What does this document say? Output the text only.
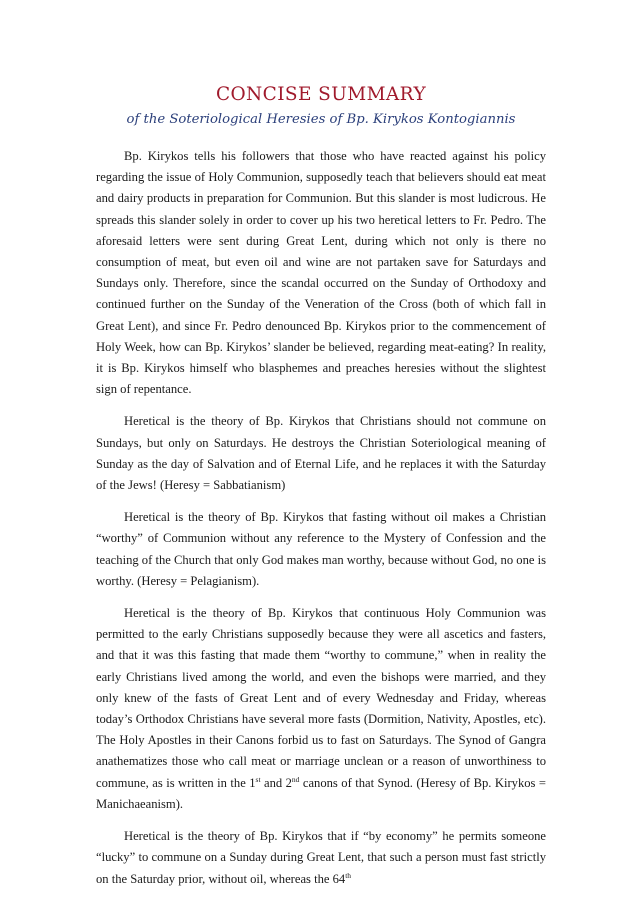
CONCISE SUMMARY
of the Soteriological Heresies of Bp. Kirykos Kontogiannis

Bp. Kirykos tells his followers that those who have reacted against his policy regarding the issue of Holy Communion, supposedly teach that believers should eat meat and dairy products in preparation for Communion. But this slander is most ludicrous. He spreads this slander solely in order to cover up his two heretical letters to Fr. Pedro. The aforesaid letters were sent during Great Lent, during which not only is there no consumption of meat, but even oil and wine are not partaken save for Saturdays and Sundays only. Therefore, since the scandal occurred on the Sunday of Orthodoxy and continued further on the Sunday of the Veneration of the Cross (both of which fall in Great Lent), and since Fr. Pedro denounced Bp. Kirykos prior to the commencement of Holy Week, how can Bp. Kirykos’ slander be believed, regarding meat-eating? In reality, it is Bp. Kirykos himself who blasphemes and preaches heresies without the slightest sign of repentance.

Heretical is the theory of Bp. Kirykos that Christians should not commune on Sundays, but only on Saturdays. He destroys the Christian Soteriological meaning of Sunday as the day of Salvation and of Eternal Life, and he replaces it with the Saturday of the Jews! (Heresy = Sabbatianism)

Heretical is the theory of Bp. Kirykos that fasting without oil makes a Christian “worthy” of Communion without any reference to the Mystery of Confession and the teaching of the Church that only God makes man worthy, because without God, no one is worthy. (Heresy = Pelagianism).

Heretical is the theory of Bp. Kirykos that continuous Holy Communion was permitted to the early Christians supposedly because they were all ascetics and fasters, and that it was this fasting that made them “worthy to commune,” when in reality the early Christians lived among the world, and even the bishops were married, and they only knew of the fasts of Great Lent and of every Wednesday and Friday, whereas today’s Orthodox Christians have several more fasts (Dormition, Nativity, Apostles, etc). The Holy Apostles in their Canons forbid us to fast on Saturdays. The Synod of Gangra anathematizes those who call meat or marriage unclean or a reason of unworthiness to commune, as is written in the 1st and 2nd canons of that Synod. (Heresy of Bp. Kirykos = Manichaeanism).

Heretical is the theory of Bp. Kirykos that if “by economy” he permits someone “lucky” to commune on a Sunday during Great Lent, that such a person must fast strictly on the Saturday prior, without oil, whereas the 64th
